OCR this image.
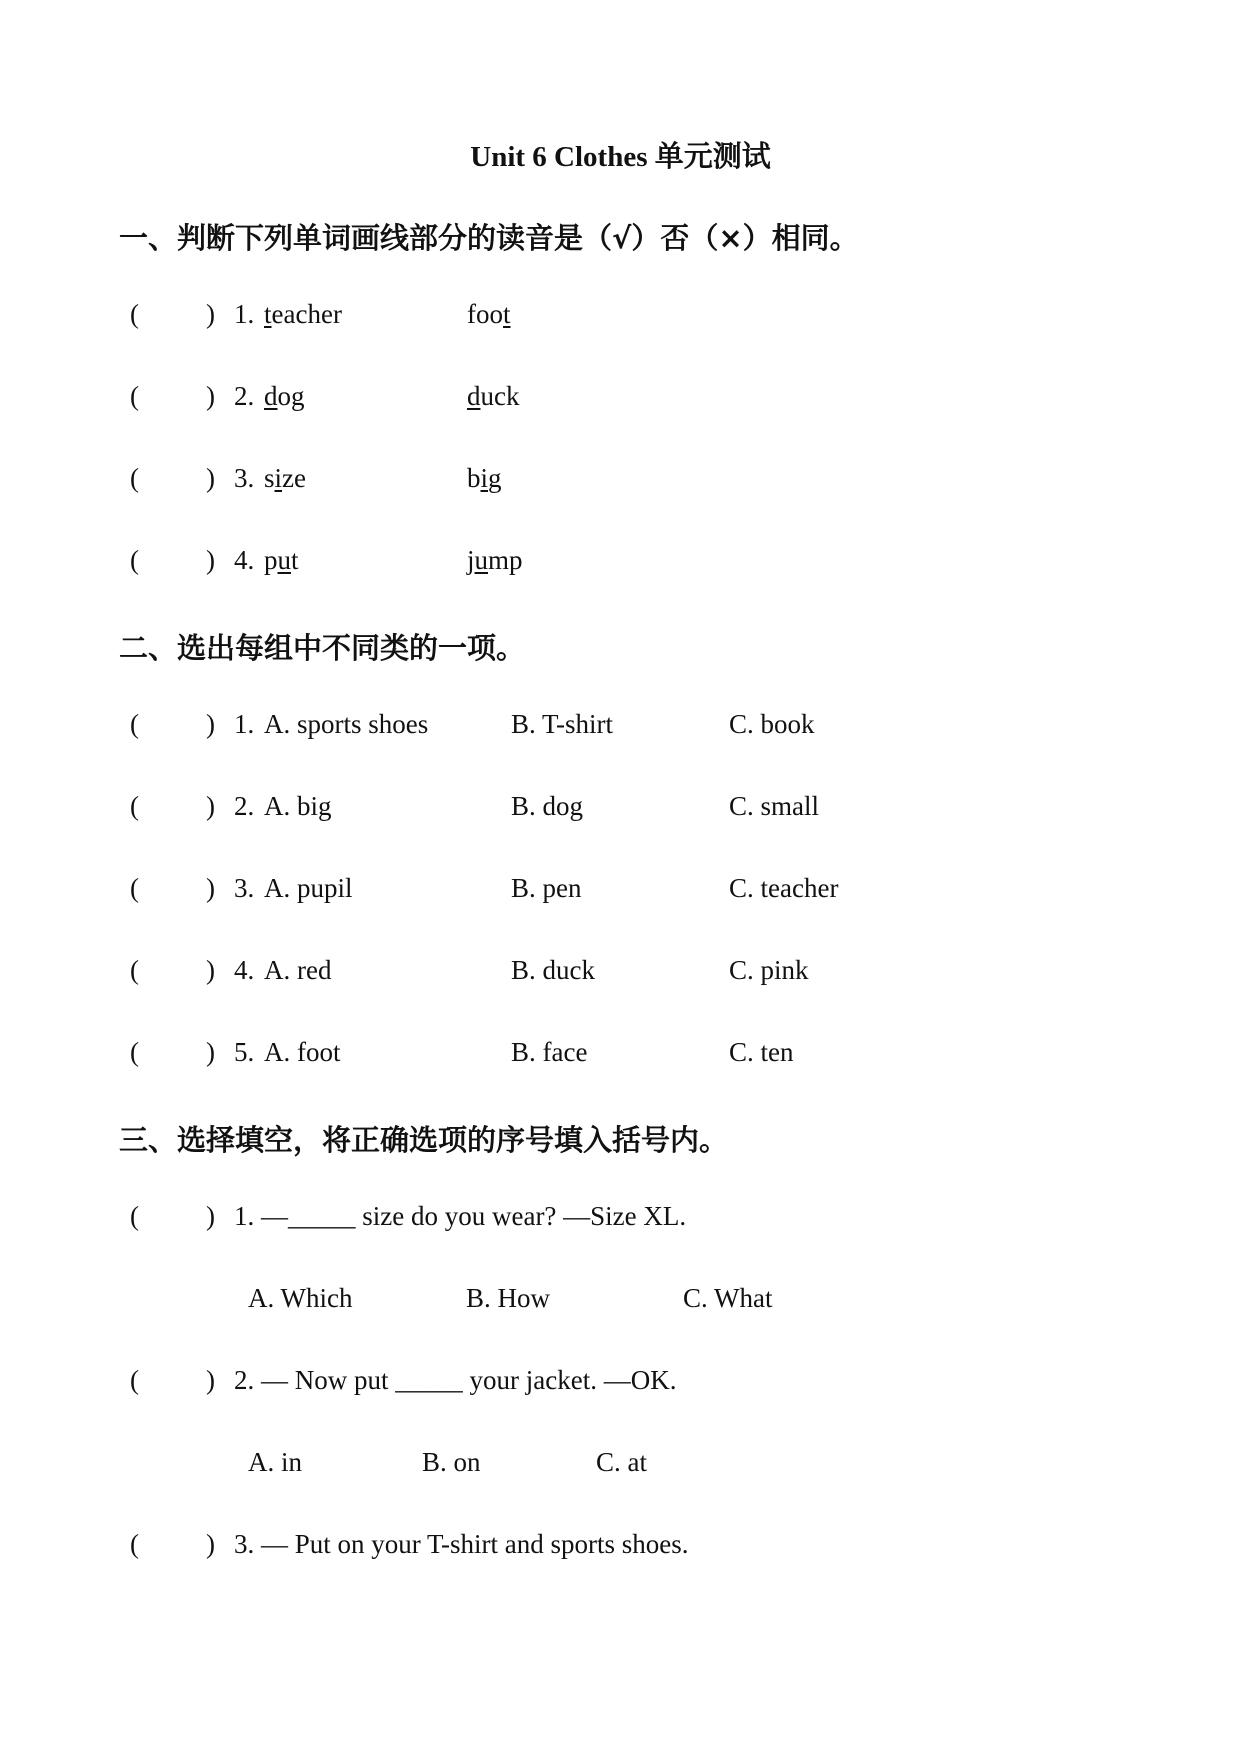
Unit 6 Clothes 单元测试
一、判断下列单词画线部分的读音是（√）否（×）相同。
( ) 1. teacher	foot
( ) 2. dog	duck
( ) 3. size	big
( ) 4. put	jump
二、选出每组中不同类的一项。
( ) 1. A. sports shoes	B. T-shirt	C. book
( ) 2. A. big	B. dog	C. small
( ) 3. A. pupil	B. pen	C. teacher
( ) 4. A. red	B. duck	C. pink
( ) 5. A. foot	B. face	C. ten
三、选择填空，将正确选项的序号填入括号内。
( ) 1. —_____ size do you wear? —Size XL.
A. Which	B. How	C. What
( ) 2. — Now put _____ your jacket. —OK.
A. in	B. on	C. at
( ) 3. — Put on your T-shirt and sports shoes.
